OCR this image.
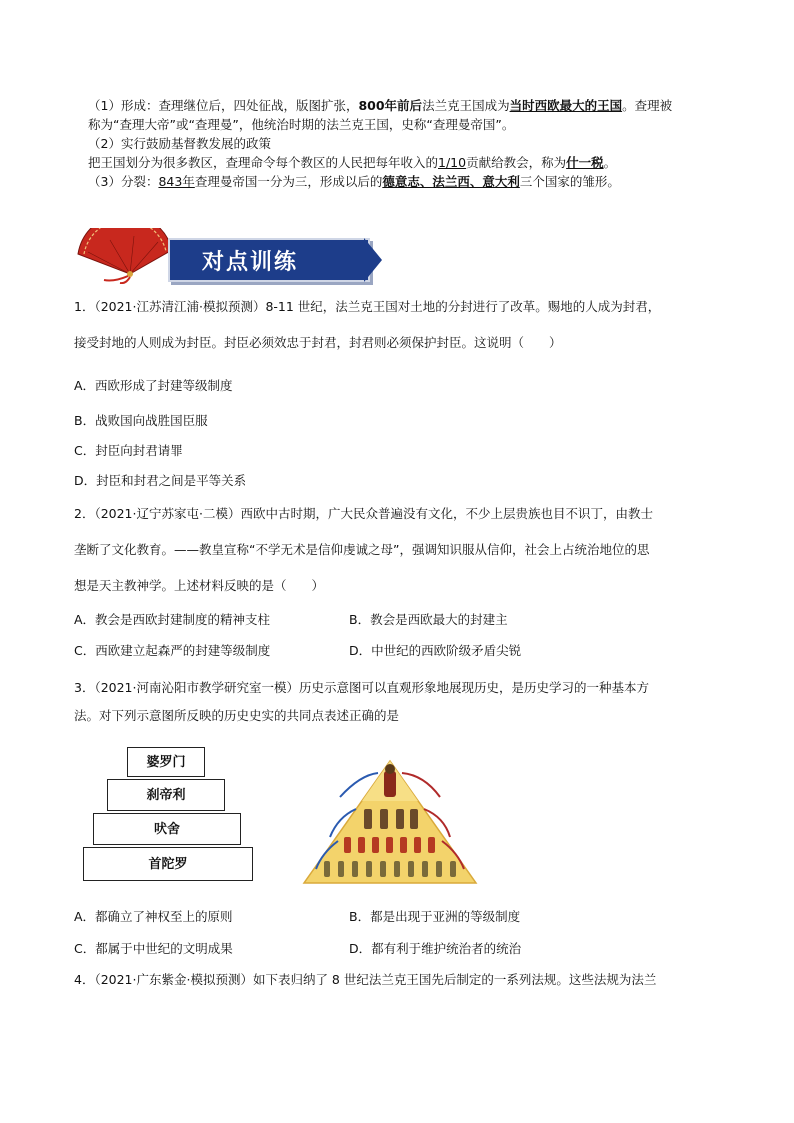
（1）形成：查理继位后，四处征战，版图扩张，800年前后法兰克王国成为当时西欧最大的王国。查理被

称为“查理大帝”或“查理曼”，他统治时期的法兰克王国，史称“查理曼帝国”。

（2）实行鼓励基督教发展的政策

把王国划分为很多教区，查理命令每个教区的人民把每年收入的1/10贡献给教会，称为什一税。

（3）分裂：843年查理曼帝国一分为三，形成以后的德意志、法兰西、意大利三个国家的雏形。

对点训练

1．（2021·江苏清江浦·模拟预测）8-11 世纪，法兰克王国对土地的分封进行了改革。赐地的人成为封君，

接受封地的人则成为封臣。封臣必须效忠于封君，封君则必须保护封臣。这说明（　　）

A．西欧形成了封建等级制度
B．战败国向战胜国臣服
C．封臣向封君请罪
D．封臣和封君之间是平等关系

2．（2021·辽宁苏家屯·二模）西欧中古时期，广大民众普遍没有文化，不少上层贵族也目不识丁，由教士

垄断了文化教育。——教皇宣称“不学无术是信仰虔诚之母”，强调知识服从信仰，社会上占统治地位的思

想是天主教神学。上述材料反映的是（　　）

A．教会是西欧封建制度的精神支柱	B．教会是西欧最大的封建主
C．西欧建立起森严的封建等级制度	D．中世纪的西欧阶级矛盾尖锐

3．（2021·河南沁阳市教学研究室一模）历史示意图可以直观形象地展现历史，是历史学习的一种基本方

法。对下列示意图所反映的历史史实的共同点表述正确的是

婆罗门
刹帝利
吠舍
首陀罗
A．都确立了神权至上的原则	B．都是出现于亚洲的等级制度
C．都属于中世纪的文明成果	D．都有利于维护统治者的统治

4．（2021·广东紫金·模拟预测）如下表归纳了 8 世纪法兰克王国先后制定的一系列法规。这些法规为法兰
